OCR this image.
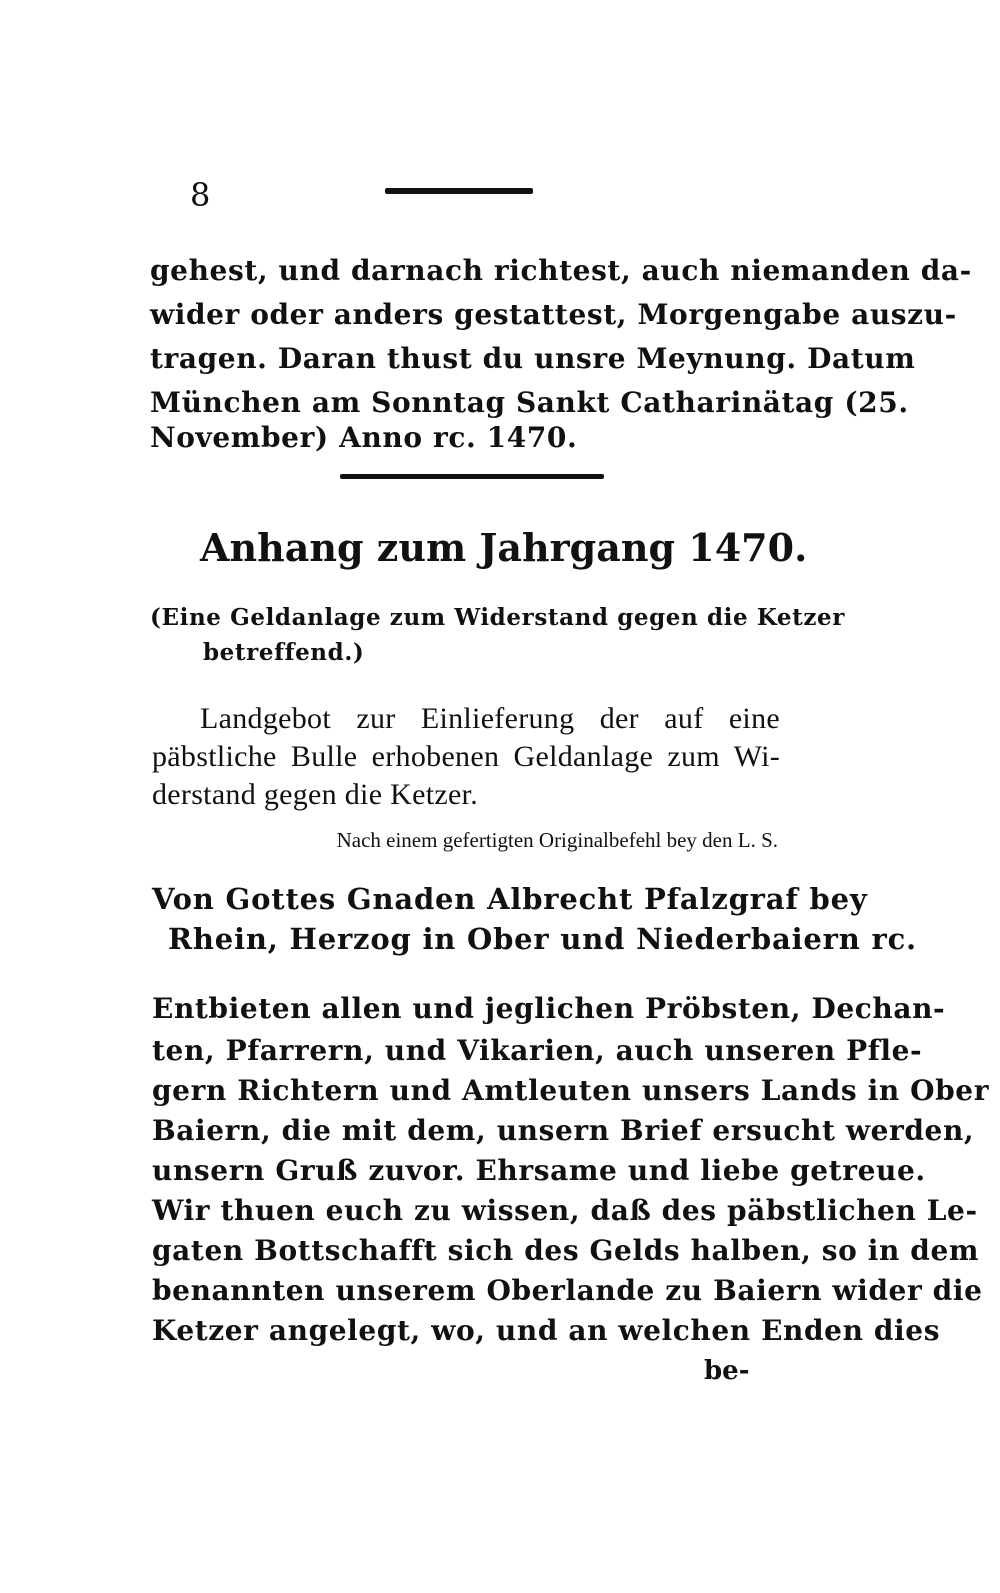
8
gehest, und darnach richtest, auch niemanden da-
wider oder anders gestattest, Morgengabe auszu-
tragen. Daran thust du unsre Meynung. Datum
München am Sonntag Sankt Catharinätag (25.
November) Anno rc. 1470.
Anhang zum Jahrgang 1470.
(Eine Geldanlage zum Widerstand gegen die Ketzer
betreffend.)
Landgebot zur Einlieferung der auf eine
päbstliche Bulle erhobenen Geldanlage zum Wi-
derstand gegen die Ketzer.
Nach einem gefertigten Originalbefehl bey den L. S.
Von Gottes Gnaden Albrecht Pfalzgraf bey
Rhein, Herzog in Ober und Niederbaiern rc.
Entbieten allen und jeglichen Pröbsten, Dechan-
ten, Pfarrern, und Vikarien, auch unseren Pfle-
gern Richtern und Amtleuten unsers Lands in Ober
Baiern, die mit dem, unsern Brief ersucht werden,
unsern Gruß zuvor. Ehrsame und liebe getreue.
Wir thuen euch zu wissen, daß des päbstlichen Le-
gaten Bottschafft sich des Gelds halben, so in dem
benannten unserem Oberlande zu Baiern wider die
Ketzer angelegt, wo, und an welchen Enden dies
be-
